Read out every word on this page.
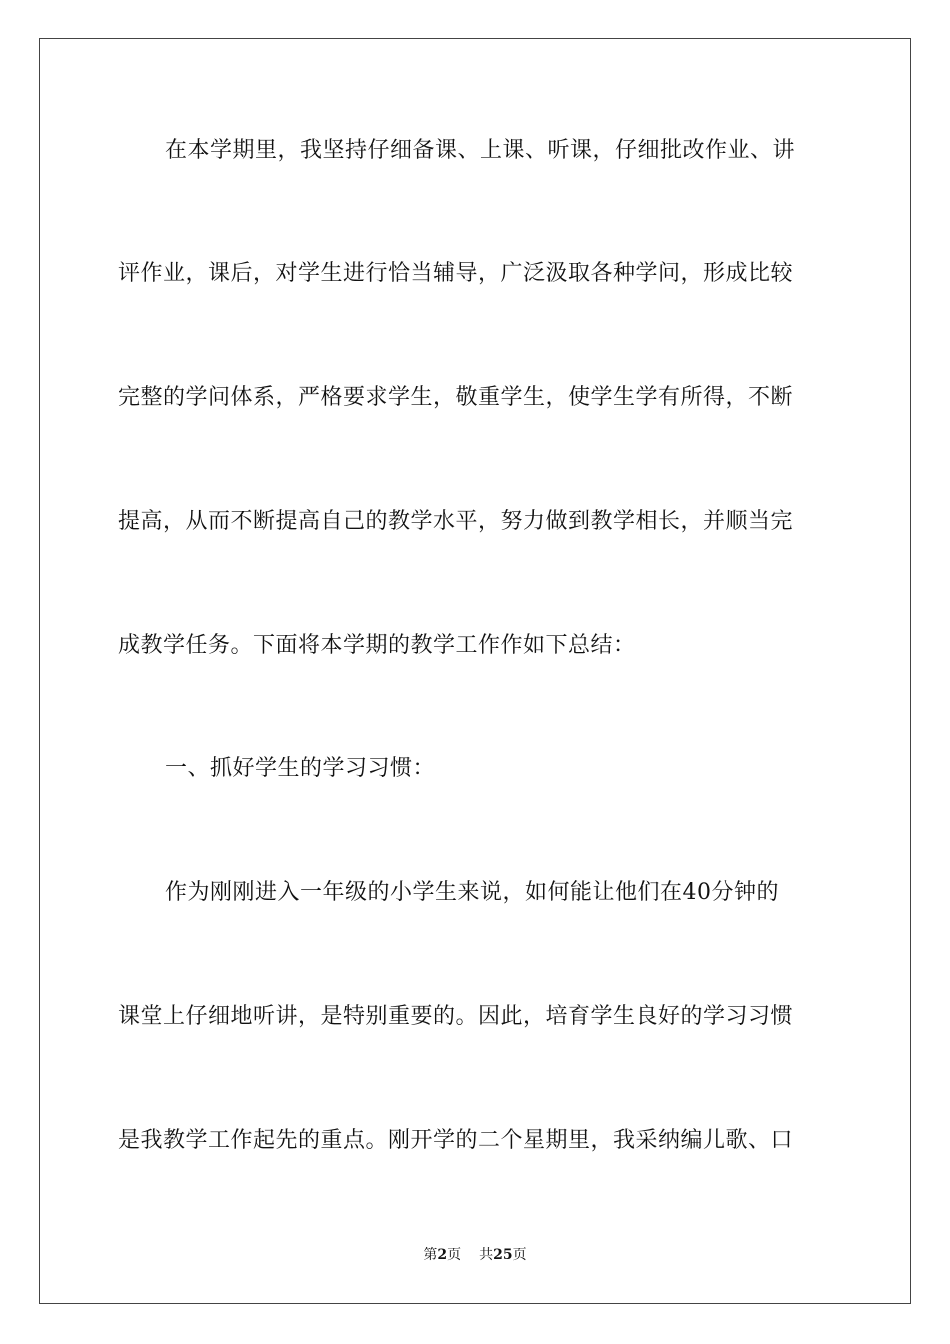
在本学期里，我坚持仔细备课、上课、听课，仔细批改作业、讲
评作业，课后，对学生进行恰当辅导，广泛汲取各种学问，形成比较
完整的学问体系，严格要求学生，敬重学生，使学生学有所得，不断
提高，从而不断提高自己的教学水平，努力做到教学相长，并顺当完
成教学任务。下面将本学期的教学工作作如下总结：
一、抓好学生的学习习惯：
作为刚刚进入一年级的小学生来说，如何能让他们在40分钟的
课堂上仔细地听讲，是特别重要的。因此，培育学生良好的学习习惯
是我教学工作起先的重点。刚开学的二个星期里，我采纳编儿歌、口
第2页 共25页
